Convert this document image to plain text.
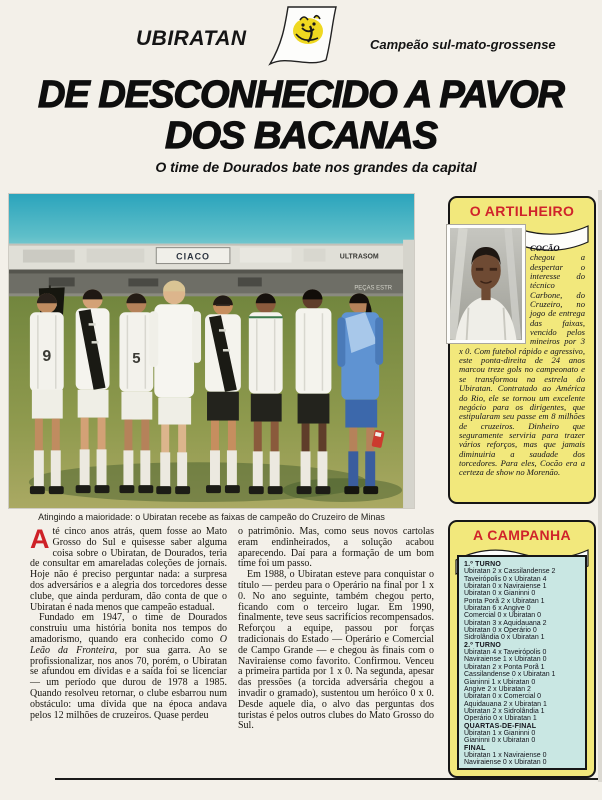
UBIRATAN	Campeão sul-mato-grossense
DE DESCONHECIDO A PAVOR
DOS BACANAS
O time de Dourados bate nos grandes da capital
CIACO	ULTRASOM
PEÇAS ESTR
9	5
Atingindo a maioridade: o Ubiratan recebe as faixas de campeão do Cruzeiro de Minas

Até cinco anos atrás, quem fosse ao Mato Grosso do Sul e quisesse saber alguma coisa sobre o Ubiratan, de Dourados, teria de consultar em amareladas coleções de jornais. Hoje não é preciso perguntar nada: a surpresa dos adversários e a alegria dos torcedores desse clube, que ainda perduram, dão conta de que o Ubiratan é nada menos que campeão estadual.

Fundado em 1947, o time de Dourados construiu uma história bonita nos tempos do amadorismo, quando era conhecido como O Leão da Fronteira, por sua garra. Ao se profissionalizar, nos anos 70, porém, o Ubiratan se afundou em dívidas e a saída foi se licenciar — um período que durou de 1978 a 1985. Quando resolveu retornar, o clube esbarrou num obstáculo: uma dívida que na época andava pelos 12 milhões de cruzeiros. Quase perdeu

o patrimônio. Mas, como seus novos cartolas eram endinheirados, a solução acabou aparecendo. Daí para a formação de um bom time foi um passo.

Em 1988, o Ubiratan esteve para conquistar o título — perdeu para o Operário na final por 1 x 0. No ano seguinte, também chegou perto, ficando com o terceiro lugar. Em 1990, finalmente, teve seus sacrifícios recompensados. Reforçou a equipe, passou por forças tradicionais do Estado — Operário e Comercial de Campo Grande — e chegou às finais com o Naviraiense como favorito. Confirmou. Venceu a primeira partida por 1 x 0. Na segunda, apesar das pressões (a torcida adversária chegou a invadir o gramado), sustentou um heróico 0 x 0. Desde aquele dia, o alvo das perguntas dos turistas é pelos outros clubes do Mato Grosso do Sul.

O ARTILHEIRO

COCÃO chegou a despertar o interesse do técnico Carbone, do Cruzeiro, no jogo de entrega das faixas, vencido pelos mineiros por 3 x 0. Com futebol rápido e agressivo, este ponta-direita de 24 anos marcou treze gols no campeonato e se transformou na estrela do Ubiratan. Contratado ao América do Rio, ele se tornou um excelente negócio para os dirigentes, que estipularam seu passe em 8 milhões de cruzeiros. Dinheiro que seguramente serviria para trazer vários reforços, mas que jamais diminuiria a saudade dos torcedores. Para eles, Cocão era a certeza de show no Morenão.

A CAMPANHA
1.º TURNO
Ubiratan 2 x Cassilandense 2
Taveirópolis 0 x Ubiratan 4
Ubiratan 0 x Naviraiense 1
Ubiratan 0 x Gianinni 0
Ponta Porã 2 x Ubiratan 1
Ubiratan 6 x Angive 0
Comercial 0 x Ubiratan 0
Ubiratan 3 x Aquidauana 2
Ubiratan 0 x Operário 0
Sidrolândia 0 x Ubiratan 1
2.º TURNO
Ubiratan 4 x Taveirópolis 0
Naviraiense 1 x Ubiratan 0
Ubiratan 2 x Ponta Porã 1
Cassilandense 0 x Ubiratan 1
Gianinni 1 x Ubiratan 0
Angive 2 x Ubiratan 2
Ubiratan 0 x Comercial 0
Aquidauana 2 x Ubiratan 1
Ubiratan 2 x Sidrolândia 1
Operário 0 x Ubiratan 1
QUARTAS-DE-FINAL
Ubiratan 1 x Gianinni 0
Gianinni 0 x Ubiratan 0
FINAL
Ubiratan 1 x Naviraiense 0
Naviraiense 0 x Ubiratan 0
